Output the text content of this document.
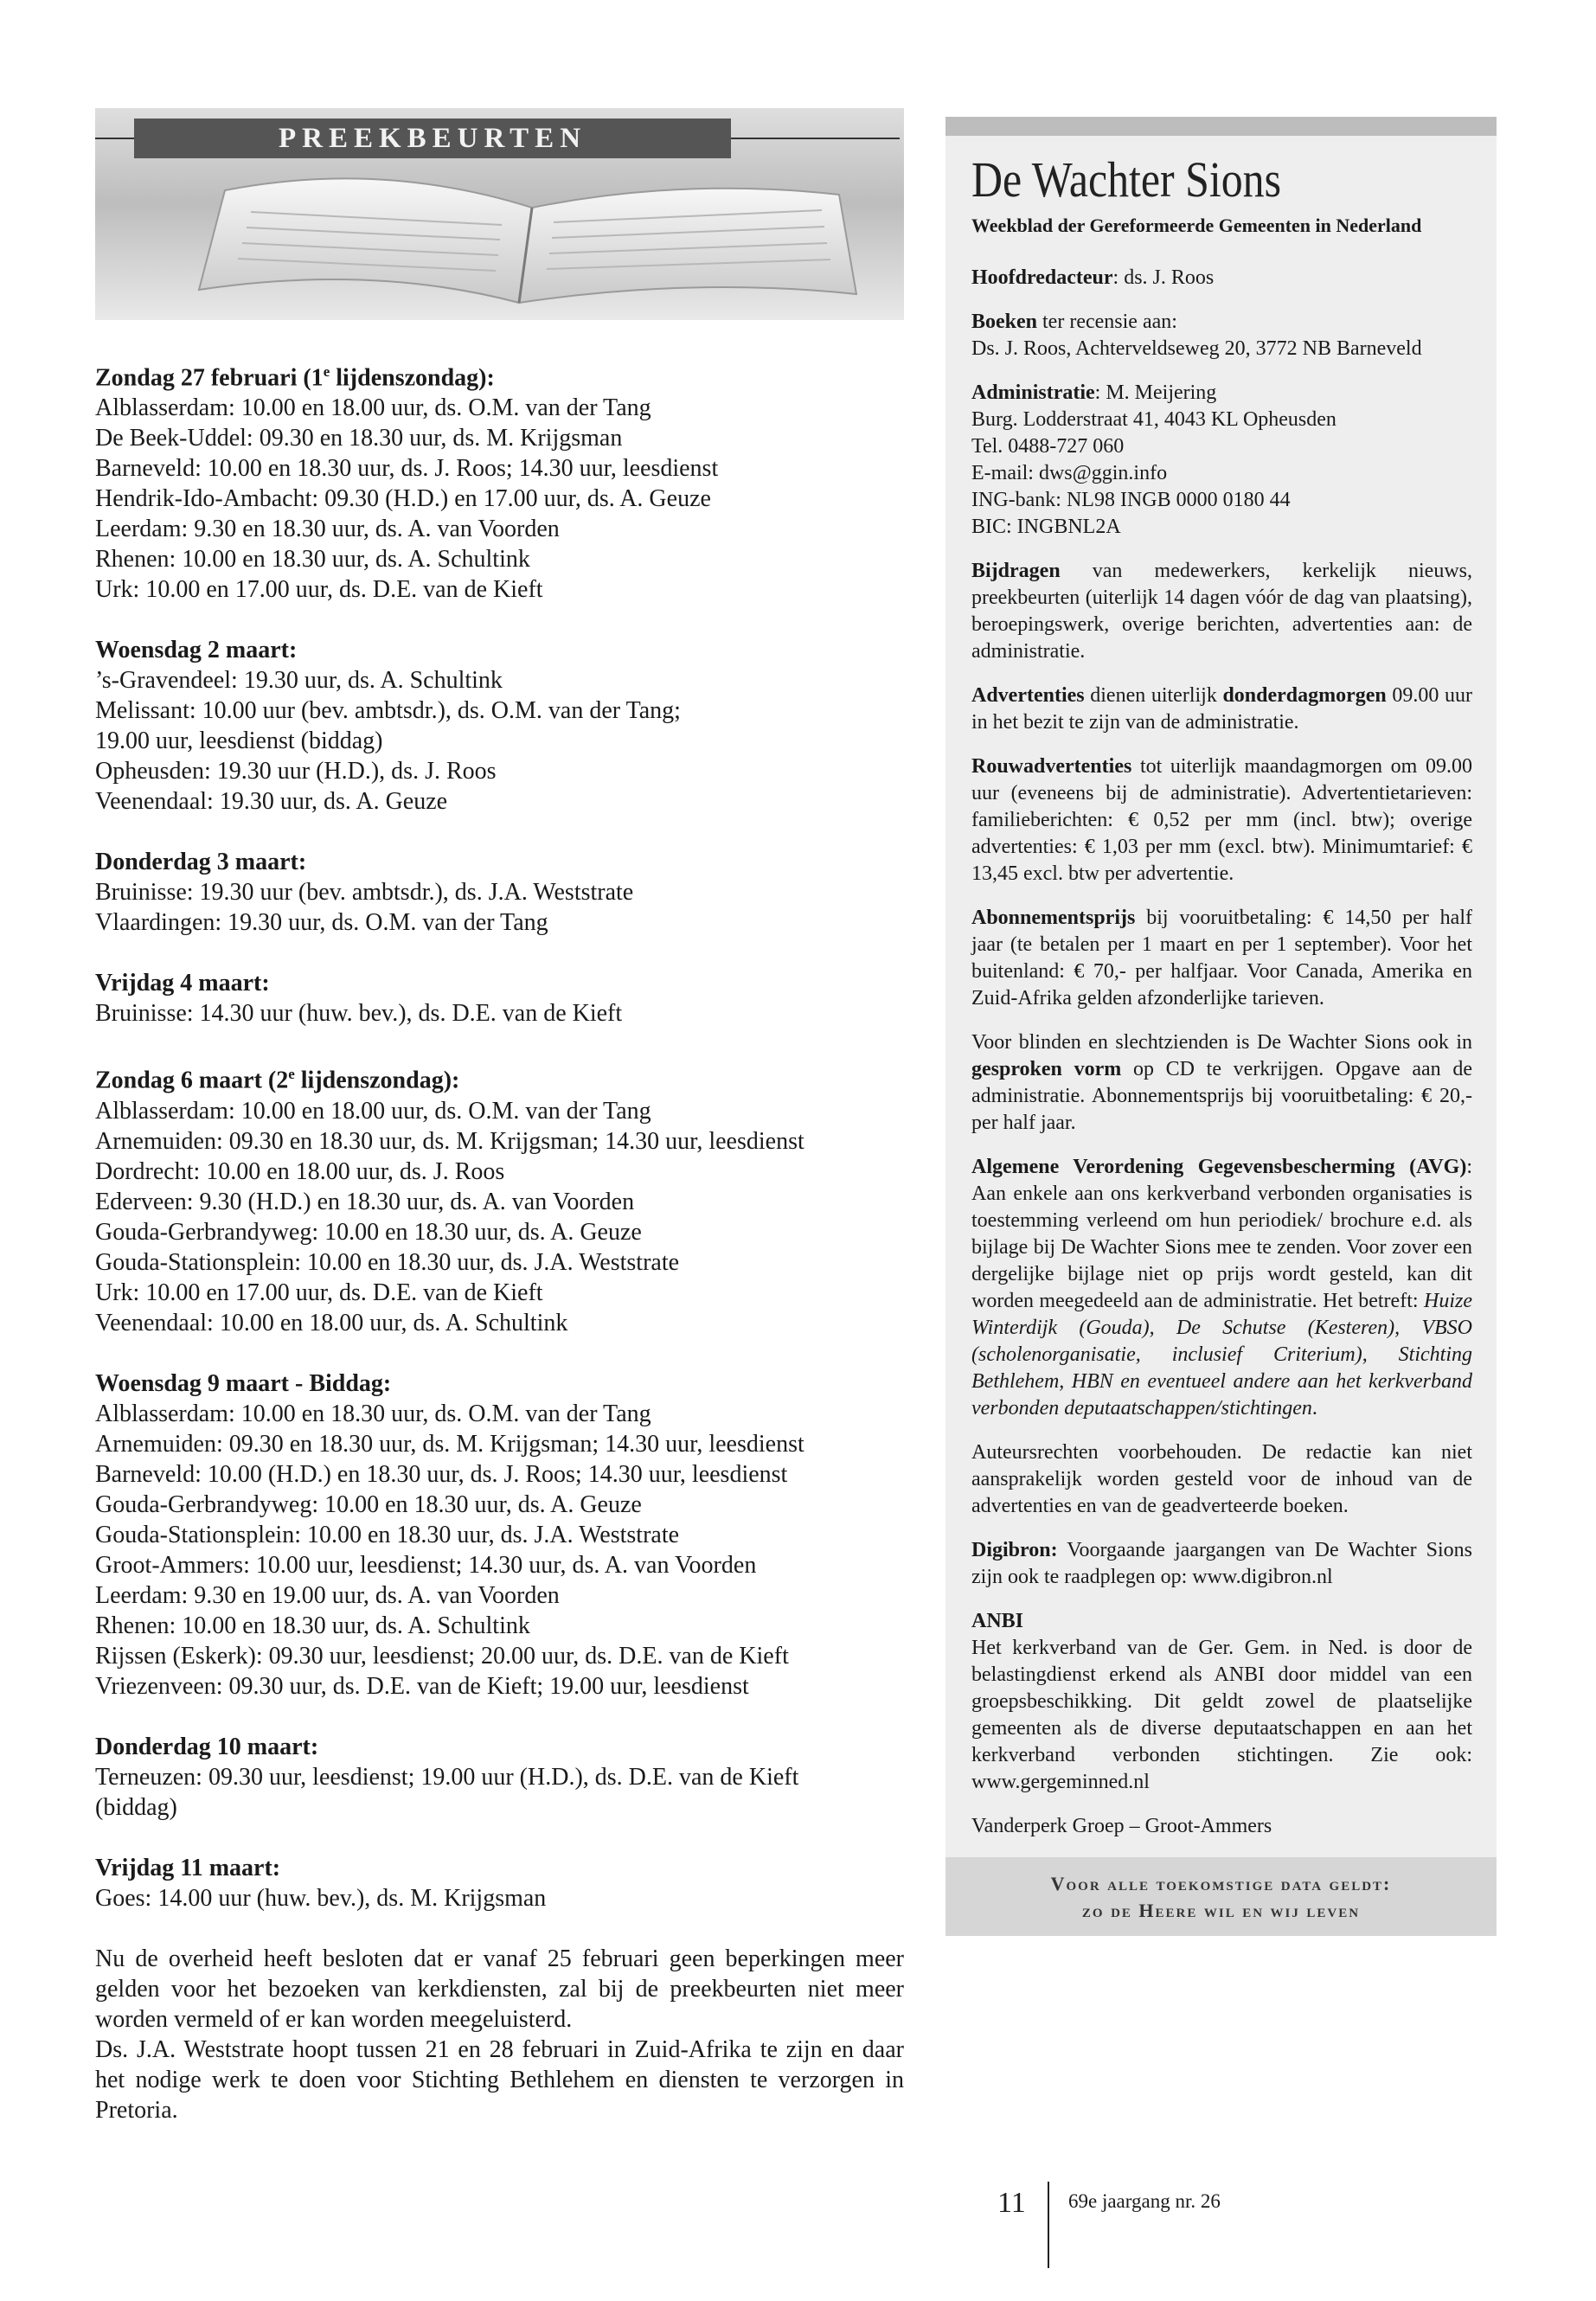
PREEKBEURTEN

Zondag 27 februari (1e lijdenszondag):

Alblasserdam: 10.00 en 18.00 uur, ds. O.M. van der Tang

De Beek-Uddel: 09.30 en 18.30 uur, ds. M. Krijgsman

Barneveld: 10.00 en 18.30 uur, ds. J. Roos; 14.30 uur, leesdienst

Hendrik-Ido-Ambacht: 09.30 (H.D.) en 17.00 uur, ds. A. Geuze

Leerdam: 9.30 en 18.30 uur, ds. A. van Voorden

Rhenen: 10.00 en 18.30 uur, ds. A. Schultink

Urk: 10.00 en 17.00 uur, ds. D.E. van de Kieft

Woensdag 2 maart:

’s-Gravendeel: 19.30 uur, ds. A. Schultink

Melissant: 10.00 uur (bev. ambtsdr.), ds. O.M. van der Tang;

19.00 uur, leesdienst (biddag)

Opheusden: 19.30 uur (H.D.), ds. J. Roos

Veenendaal: 19.30 uur, ds. A. Geuze

Donderdag 3 maart:

Bruinisse: 19.30 uur (bev. ambtsdr.), ds. J.A. Weststrate

Vlaardingen: 19.30 uur, ds. O.M. van der Tang

Vrijdag 4 maart:

Bruinisse: 14.30 uur (huw. bev.), ds. D.E. van de Kieft

Zondag 6 maart (2e lijdenszondag):

Alblasserdam: 10.00 en 18.00 uur, ds. O.M. van der Tang

Arnemuiden: 09.30 en 18.30 uur, ds. M. Krijgsman; 14.30 uur, leesdienst

Dordrecht: 10.00 en 18.00 uur, ds. J. Roos

Ederveen: 9.30 (H.D.) en 18.30 uur, ds. A. van Voorden

Gouda-Gerbrandyweg: 10.00 en 18.30 uur, ds. A. Geuze

Gouda-Stationsplein: 10.00 en 18.30 uur, ds. J.A. Weststrate

Urk: 10.00 en 17.00 uur, ds. D.E. van de Kieft

Veenendaal: 10.00 en 18.00 uur, ds. A. Schultink

Woensdag 9 maart - Biddag:

Alblasserdam: 10.00 en 18.30 uur, ds. O.M. van der Tang

Arnemuiden: 09.30 en 18.30 uur, ds. M. Krijgsman; 14.30 uur, leesdienst

Barneveld: 10.00 (H.D.) en 18.30 uur, ds. J. Roos; 14.30 uur, leesdienst

Gouda-Gerbrandyweg: 10.00 en 18.30 uur, ds. A. Geuze

Gouda-Stationsplein: 10.00 en 18.30 uur, ds. J.A. Weststrate

Groot-Ammers: 10.00 uur, leesdienst; 14.30 uur, ds. A. van Voorden

Leerdam: 9.30 en 19.00 uur, ds. A. van Voorden

Rhenen: 10.00 en 18.30 uur, ds. A. Schultink

Rijssen (Eskerk): 09.30 uur, leesdienst; 20.00 uur, ds. D.E. van de Kieft

Vriezenveen: 09.30 uur, ds. D.E. van de Kieft; 19.00 uur, leesdienst

Donderdag 10 maart:

Terneuzen: 09.30 uur, leesdienst; 19.00 uur (H.D.), ds. D.E. van de Kieft

(biddag)

Vrijdag 11 maart:

Goes: 14.00 uur (huw. bev.), ds. M. Krijgsman

Nu de overheid heeft besloten dat er vanaf 25 februari geen beperkingen meer gelden voor het bezoeken van kerkdiensten, zal bij de preekbeurten niet meer worden vermeld of er kan worden meegeluisterd.

Ds. J.A. Weststrate hoopt tussen 21 en 28 februari in Zuid-Afrika te zijn en daar het nodige werk te doen voor Stichting Bethlehem en diensten te verzorgen in Pretoria.

De Wachter Sions
Weekblad der Gereformeerde Gemeenten in Nederland

Hoofdredacteur: ds. J. Roos

Boeken ter recensie aan:
Ds. J. Roos, Achterveldseweg 20, 3772 NB Barneveld

Administratie: M. Meijering

Burg. Lodderstraat 41, 4043 KL Opheusden

Tel. 0488-727 060

E-mail: dws@ggin.info

ING-bank: NL98 INGB 0000 0180 44

BIC: INGBNL2A

Bijdragen van medewerkers, kerkelijk nieuws, preekbeurten (uiterlijk 14 dagen vóór de dag van plaatsing), beroepingswerk, overige berichten, advertenties aan: de administratie.

Advertenties dienen uiterlijk donderdagmorgen 09.00 uur in het bezit te zijn van de administratie.

Rouwadvertenties tot uiterlijk maandagmorgen om 09.00 uur (eveneens bij de administratie). Advertentietarieven: familieberichten: € 0,52 per mm (incl. btw); overige advertenties: € 1,03 per mm (excl. btw). Minimumtarief: € 13,45 excl. btw per advertentie.

Abonnementsprijs bij vooruitbetaling: € 14,50 per half jaar (te betalen per 1 maart en per 1 september). Voor het buitenland: € 70,- per halfjaar. Voor Canada, Amerika en Zuid-Afrika gelden afzonderlijke tarieven.

Voor blinden en slechtzienden is De Wachter Sions ook in gesproken vorm op CD te verkrijgen. Opgave aan de administratie. Abonnementsprijs bij vooruitbetaling: € 20,- per half jaar.

Algemene Verordening Gegevensbescherming (AVG): Aan enkele aan ons kerkverband verbonden organisaties is toestemming verleend om hun periodiek/ brochure e.d. als bijlage bij De Wachter Sions mee te zenden. Voor zover een dergelijke bijlage niet op prijs wordt gesteld, kan dit worden meegedeeld aan de administratie. Het betreft: Huize Winterdijk (Gouda), De Schutse (Kesteren), VBSO (scholenorganisatie, inclusief Criterium), Stichting Bethlehem, HBN en eventueel andere aan het kerkverband verbonden deputaatschappen/stichtingen.

Auteursrechten voorbehouden. De redactie kan niet aansprakelijk worden gesteld voor de inhoud van de advertenties en van de geadverteerde boeken.

Digibron: Voorgaande jaargangen van De Wachter Sions zijn ook te raadplegen op: www.digibron.nl

ANBI

Het kerkverband van de Ger. Gem. in Ned. is door de belastingdienst erkend als ANBI door middel van een groepsbeschikking. Dit geldt zowel de plaatselijke gemeenten als de diverse deputaatschappen en aan het kerkverband verbonden stichtingen. Zie ook: www.gergeminned.nl

Vanderperk Groep – Groot-Ammers

Voor alle toekomstige data geldt:
zo de Heere wil en wij leven
11 69e jaargang nr. 26
